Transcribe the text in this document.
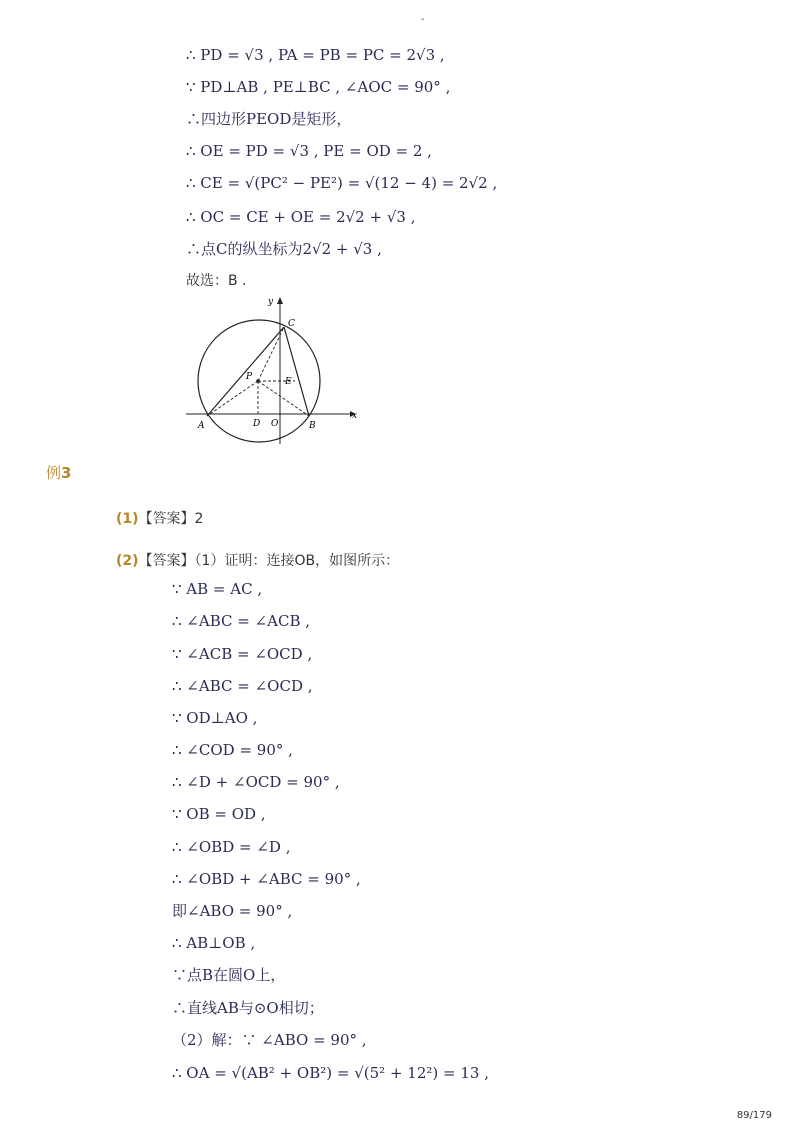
-
∴ PD = √3 , PA = PB = PC = 2√3 ,
∵ PD⊥AB , PE⊥BC , ∠AOC = 90° ,
∴四边形PEOD是矩形，
∴ OE = PD = √3 , PE = OD = 2 ,
∴ CE = √(PC² − PE²) = √(12 − 4) = 2√2 ,
∴ OC = CE + OE = 2√2 + √3 ,
∴点C的纵坐标为2√2 + √3 ,
故选：B .
x
y
A	B
C
D O
P	E
例3
(1)【答案】2
(2)【答案】（1）证明：连接OB，如图所示：
∵ AB = AC ,
∴ ∠ABC = ∠ACB ,
∵ ∠ACB = ∠OCD ,
∴ ∠ABC = ∠OCD ,
∵ OD⊥AO ,
∴ ∠COD = 90° ,
∴ ∠D + ∠OCD = 90° ,
∵ OB = OD ,
∴ ∠OBD = ∠D ,
∴ ∠OBD + ∠ABC = 90° ,
即∠ABO = 90° ,
∴ AB⊥OB ,
∵点B在圆O上，
∴直线AB与⊙O相切；
（2）解：∵ ∠ABO = 90° ,
∴ OA = √(AB² + OB²) = √(5² + 12²) = 13 ,
89/179
